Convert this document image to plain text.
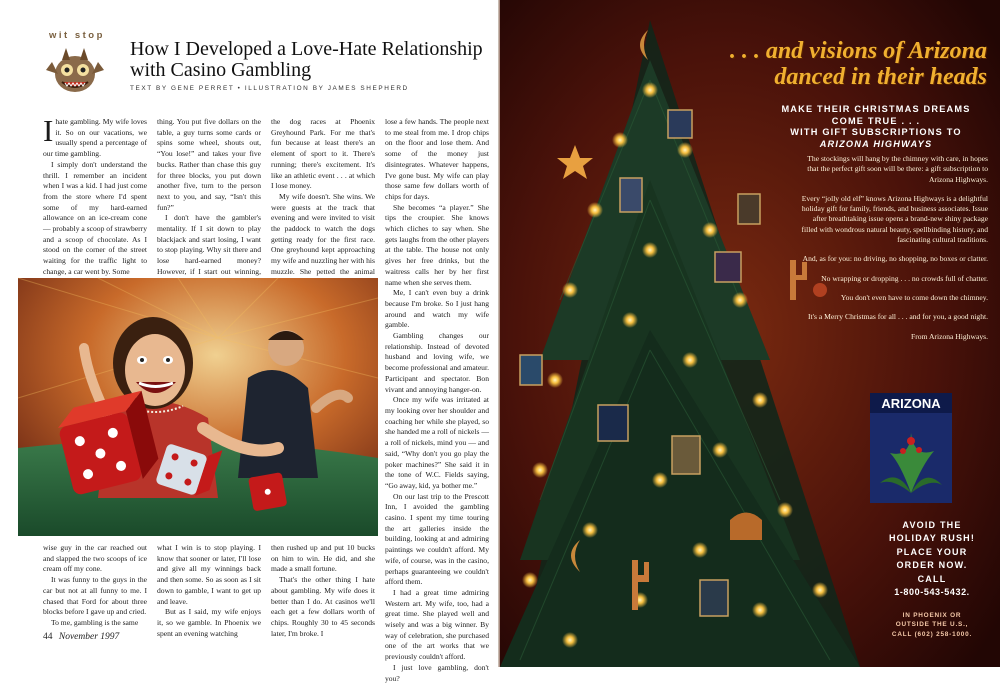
wit stop
How I Developed a Love-Hate Relationship with Casino Gambling
TEXT BY GENE PERRET • ILLUSTRATION BY JAMES SHEPHERD

Ihate gambling. My wife loves it. So on our vacations, we usually spend a percentage of our time gambling.

I simply don't understand the thrill. I remember an incident when I was a kid. I had just come from the store where I'd spent some of my hard-earned allowance on an ice-cream cone — probably a scoop of strawberry and a scoop of chocolate. As I stood on the corner of the street waiting for the traffic light to change, a car went by. Some

thing. You put five dollars on the table, a guy turns some cards or spins some wheel, shouts out, “You lose!” and takes your five bucks. Rather than chase this guy for three blocks, you put down another five, turn to the person next to you, and say, “Isn't this fun?”

I don't have the gambler's mentality. If I sit down to play blackjack and start losing, I want to stop playing. Why sit there and lose hard-earned money? However, if I start out winning,

the dog races at Phoenix Greyhound Park. For me that's fun because at least there's an element of sport to it. There's running; there's excitement. It's like an athletic event . . . at which I lose money.

My wife doesn't. She wins. We were guests at the track that evening and were invited to visit the paddock to watch the dogs getting ready for the first race. One greyhound kept approaching my wife and nuzzling her with his muzzle. She petted the animal

lose a few hands. The people next to me steal from me. I drop chips on the floor and lose them. And some of the money just disintegrates. Whatever happens, I've gone bust. My wife can play those same few dollars worth of chips for days.

She becomes “a player.” She tips the croupier. She knows which cliches to say when. She gets laughs from the other players at the table. The house not only gives her free drinks, but the waitress calls her by her first name when she serves them.

Me, I can't even buy a drink because I'm broke. So I just hang around and watch my wife gamble.

Gambling changes our relationship. Instead of devoted husband and loving wife, we become professional and amateur. Participant and spectator. Bon vivant and annoying hanger-on.

Once my wife was irritated at my looking over her shoulder and coaching her while she played, so she handed me a roll of nickels — a roll of nickels, mind you — and said, “Why don't you go play the poker machines?” She said it in the tone of W.C. Fields saying, “Go away, kid, ya bother me.”

On our last trip to the Prescott Inn, I avoided the gambling casino. I spent my time touring the art galleries inside the building, looking at and admiring paintings we couldn't afford. My wife, of course, was in the casino, perhaps guaranteeing we couldn't afford them.

I had a great time admiring Western art. My wife, too, had a great time. She played well and wisely and was a big winner. By way of celebration, she purchased one of the art works that we previously couldn't afford.

I just love gambling, don't you?

wise guy in the car reached out and slapped the two scoops of ice cream off my cone.

It was funny to the guys in the car but not at all funny to me. I chased that Ford for about three blocks before I gave up and cried.

To me, gambling is the same

what I win is to stop playing. I know that sooner or later, I'll lose and give all my winnings back and then some. So as soon as I sit down to gamble, I want to get up and leave.

But as I said, my wife enjoys it, so we gamble. In Phoenix we spent an evening watching

then rushed up and put 10 bucks on him to win. He did, and she made a small fortune.

That's the other thing I hate about gambling. My wife does it better than I do. At casinos we'll each get a few dollars worth of chips. Roughly 30 to 45 seconds later, I'm broke. I

44 November 1997
. . . and visions of Arizona
danced in their heads
MAKE THEIR CHRISTMAS DREAMS
COME TRUE . . .
WITH GIFT SUBSCRIPTIONS TO
ARIZONA HIGHWAYS

The stockings will hang by the chimney with care, in hopes that the perfect gift soon will be there: a gift subscription to Arizona Highways.

Every “jolly old elf” knows Arizona Highways is a delightful holiday gift for family, friends, and business associates. Issue after breathtaking issue opens a brand-new shiny package filled with wondrous natural beauty, spellbinding history, and fascinating cultural traditions.

And, as for you: no driving, no shopping, no boxes or clatter.

No wrapping or dropping . . . no crowds full of chatter.

You don't even have to come down the chimney.

It's a Merry Christmas for all . . . and for you, a good night.

From Arizona Highways.

ARIZONA
AVOID THE
HOLIDAY RUSH!
PLACE YOUR
ORDER NOW.
CALL
1-800-543-5432.
IN PHOENIX OR
OUTSIDE THE U.S.,
CALL (602) 258-1000.
